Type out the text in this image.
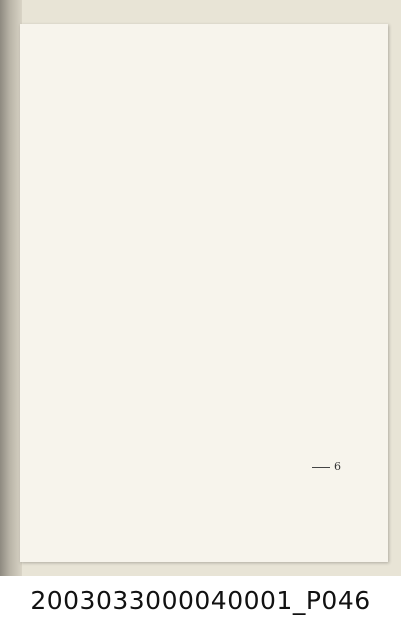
6
2003033000040001_P046
